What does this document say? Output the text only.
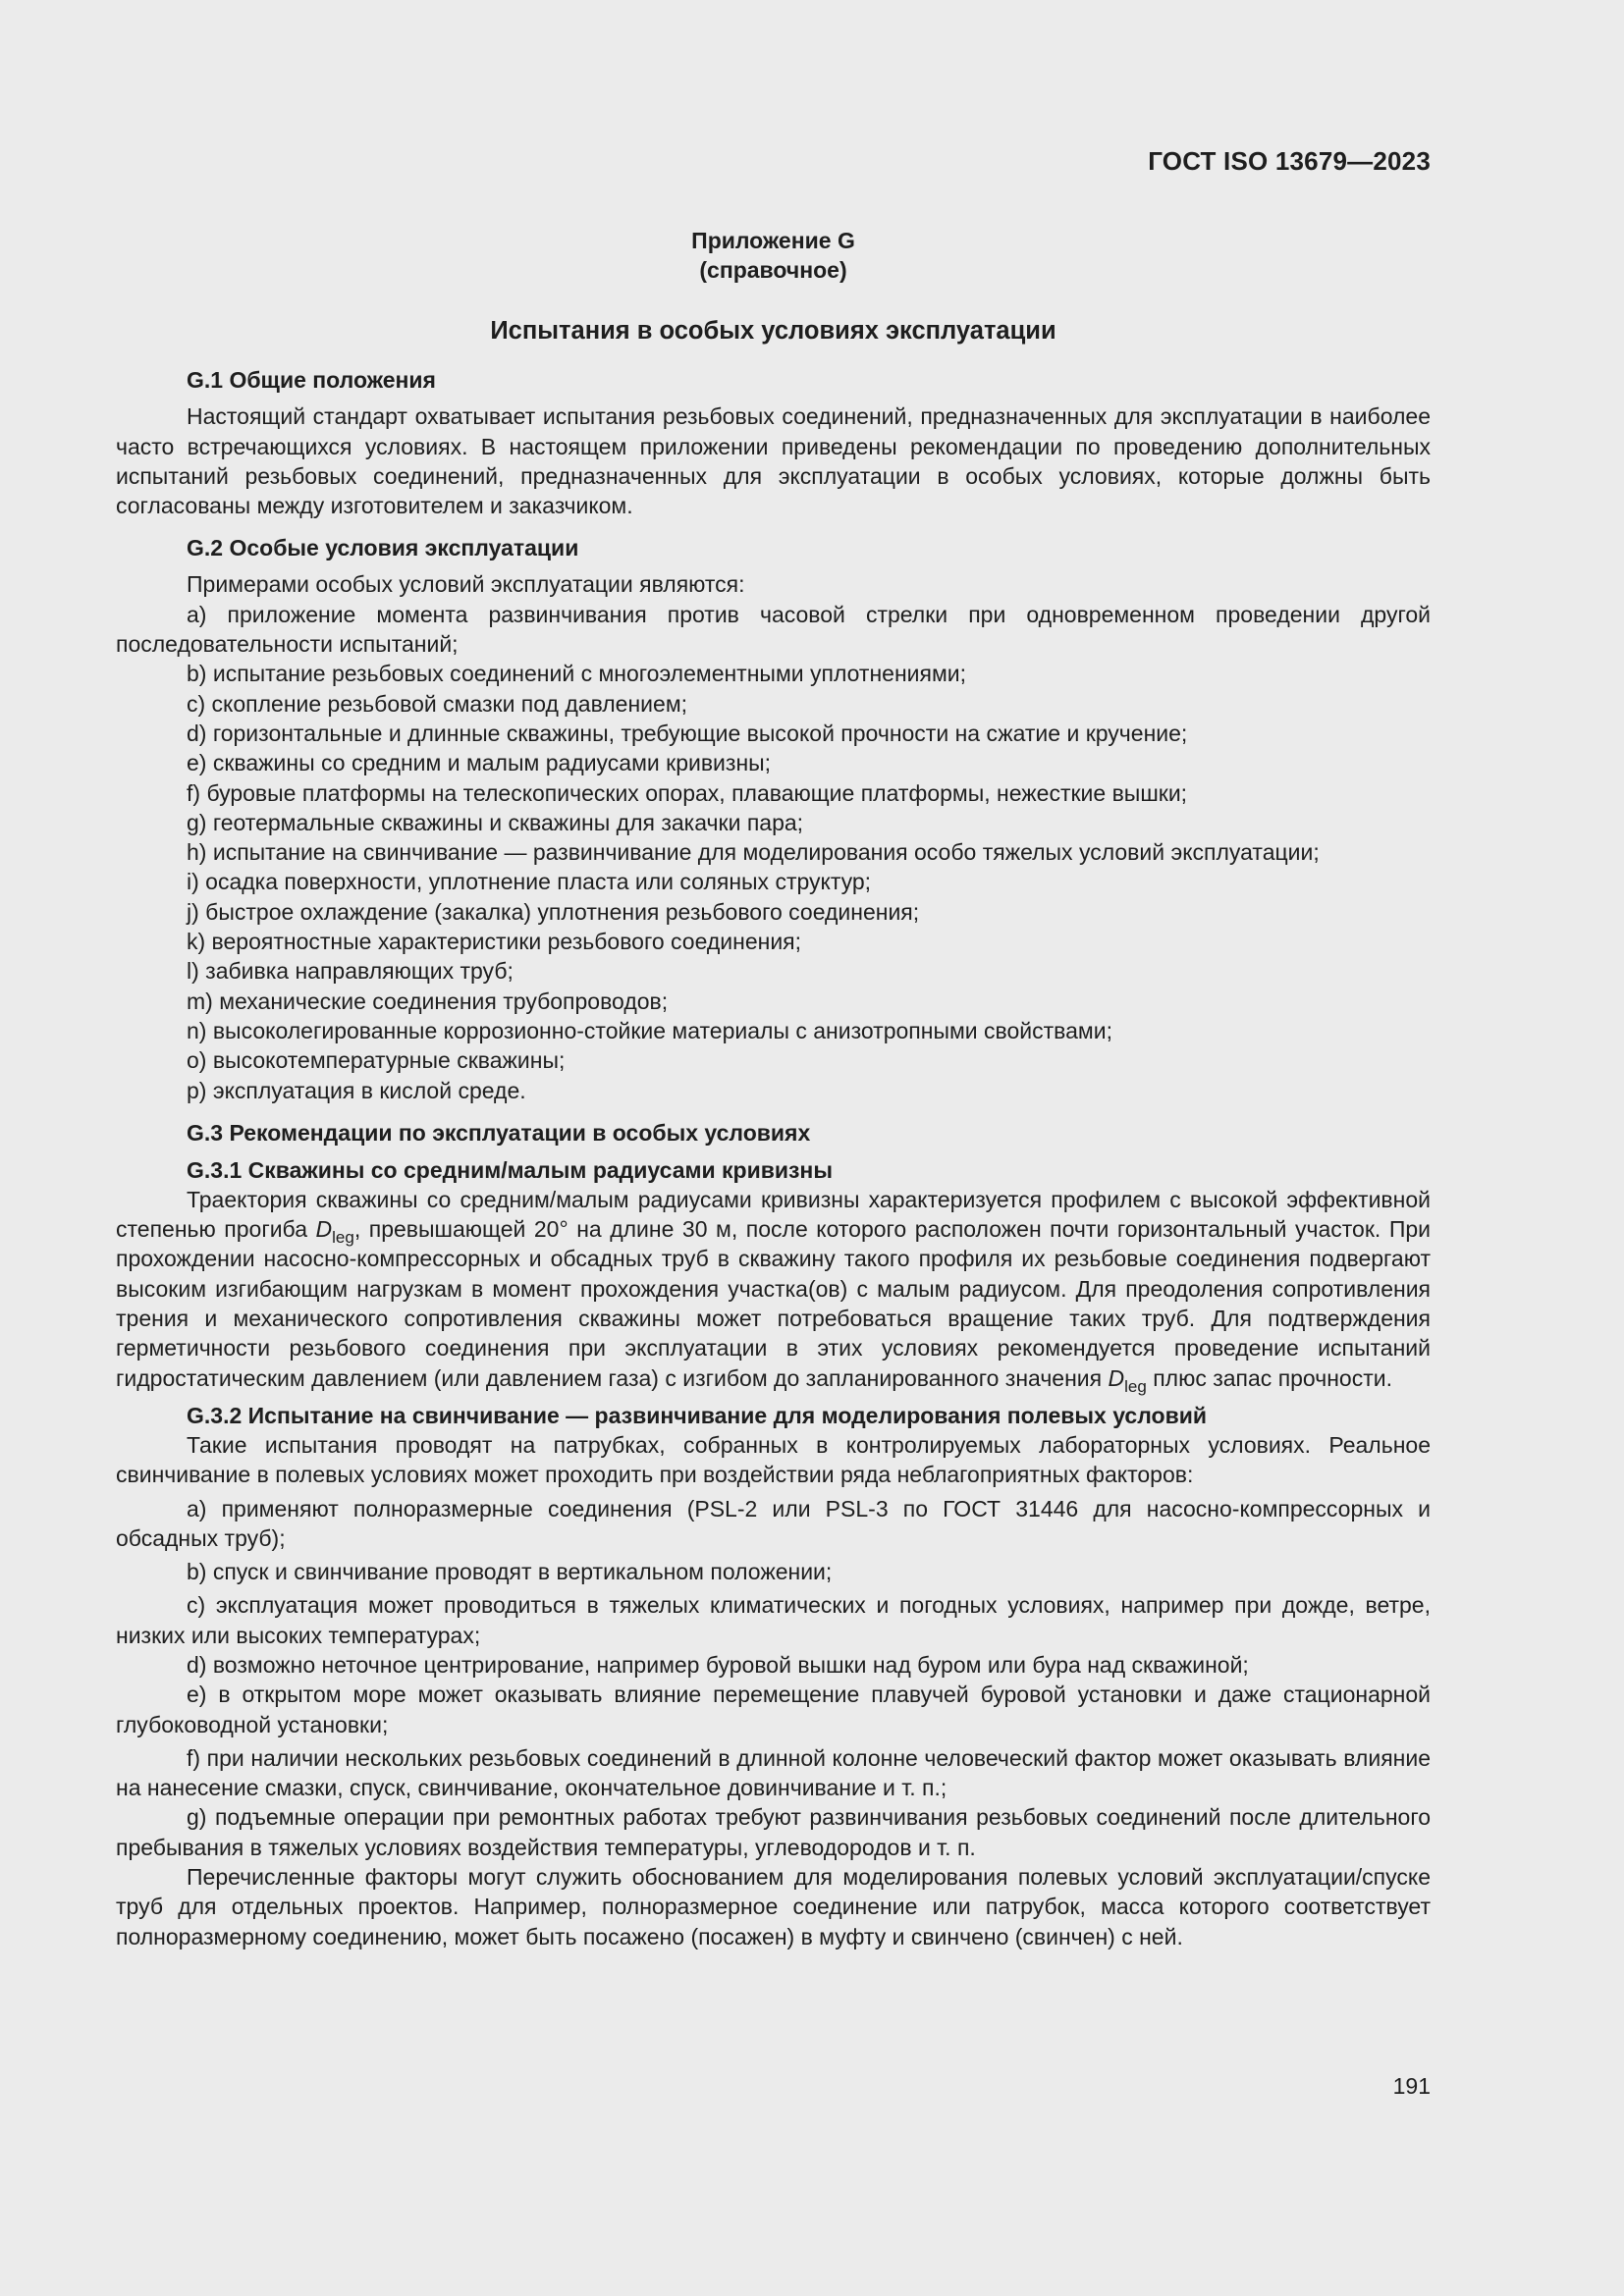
ГОСТ ISO 13679—2023
Приложение G
(справочное)
Испытания в особых условиях эксплуатации
G.1 Общие положения

Настоящий стандарт охватывает испытания резьбовых соединений, предназначенных для эксплуатации в наиболее часто встречающихся условиях. В настоящем приложении приведены рекомендации по проведению дополнительных испытаний резьбовых соединений, предназначенных для эксплуатации в особых условиях, которые должны быть согласованы между изготовителем и заказчиком.

G.2 Особые условия эксплуатации

Примерами особых условий эксплуатации являются:

a) приложение момента развинчивания против часовой стрелки при одновременном проведении другой последовательности испытаний;
b) испытание резьбовых соединений с многоэлементными уплотнениями;
c) скопление резьбовой смазки под давлением;
d) горизонтальные и длинные скважины, требующие высокой прочности на сжатие и кручение;
e) скважины со средним и малым радиусами кривизны;
f) буровые платформы на телескопических опорах, плавающие платформы, нежесткие вышки;
g) геотермальные скважины и скважины для закачки пара;
h) испытание на свинчивание — развинчивание для моделирования особо тяжелых условий эксплуатации;
i) осадка поверхности, уплотнение пласта или соляных структур;
j) быстрое охлаждение (закалка) уплотнения резьбового соединения;
k) вероятностные характеристики резьбового соединения;
l) забивка направляющих труб;
m) механические соединения трубопроводов;
n) высоколегированные коррозионно-стойкие материалы с анизотропными свойствами;
o) высокотемпературные скважины;
p) эксплуатация в кислой среде.
G.3 Рекомендации по эксплуатации в особых условиях
G.3.1 Скважины со средним/малым радиусами кривизны

Траектория скважины со средним/малым радиусами кривизны характеризуется профилем с высокой эффективной степенью прогиба $D_{leg}$, превышающей 20° на длине 30 м, после которого расположен почти горизонтальный участок. При прохождении насосно-компрессорных и обсадных труб в скважину такого профиля их резьбовые соединения подвергают высоким изгибающим нагрузкам в момент прохождения участка(ов) с малым радиусом. Для преодоления сопротивления трения и механического сопротивления скважины может потребоваться вращение таких труб. Для подтверждения герметичности резьбового соединения при эксплуатации в этих условиях рекомендуется проведение испытаний гидростатическим давлением (или давлением газа) с изгибом до запланированного значения $D_{leg}$ плюс запас прочности.

G.3.2 Испытание на свинчивание — развинчивание для моделирования полевых условий

Такие испытания проводят на патрубках, собранных в контролируемых лабораторных условиях. Реальное свинчивание в полевых условиях может проходить при воздействии ряда неблагоприятных факторов:

a) применяют полноразмерные соединения (PSL-2 или PSL-3 по ГОСТ 31446 для насосно-компрессорных и обсадных труб);
b) спуск и свинчивание проводят в вертикальном положении;
c) эксплуатация может проводиться в тяжелых климатических и погодных условиях, например при дожде, ветре, низких или высоких температурах;
d) возможно неточное центрирование, например буровой вышки над буром или бура над скважиной;
e) в открытом море может оказывать влияние перемещение плавучей буровой установки и даже стационарной глубоководной установки;
f) при наличии нескольких резьбовых соединений в длинной колонне человеческий фактор может оказывать влияние на нанесение смазки, спуск, свинчивание, окончательное довинчивание и т. п.;
g) подъемные операции при ремонтных работах требуют развинчивания резьбовых соединений после длительного пребывания в тяжелых условиях воздействия температуры, углеводородов и т. п.

Перечисленные факторы могут служить обоснованием для моделирования полевых условий эксплуатации/спуске труб для отдельных проектов. Например, полноразмерное соединение или патрубок, масса которого соответствует полноразмерному соединению, может быть посажено (посажен) в муфту и свинчено (свинчен) с ней.

191
